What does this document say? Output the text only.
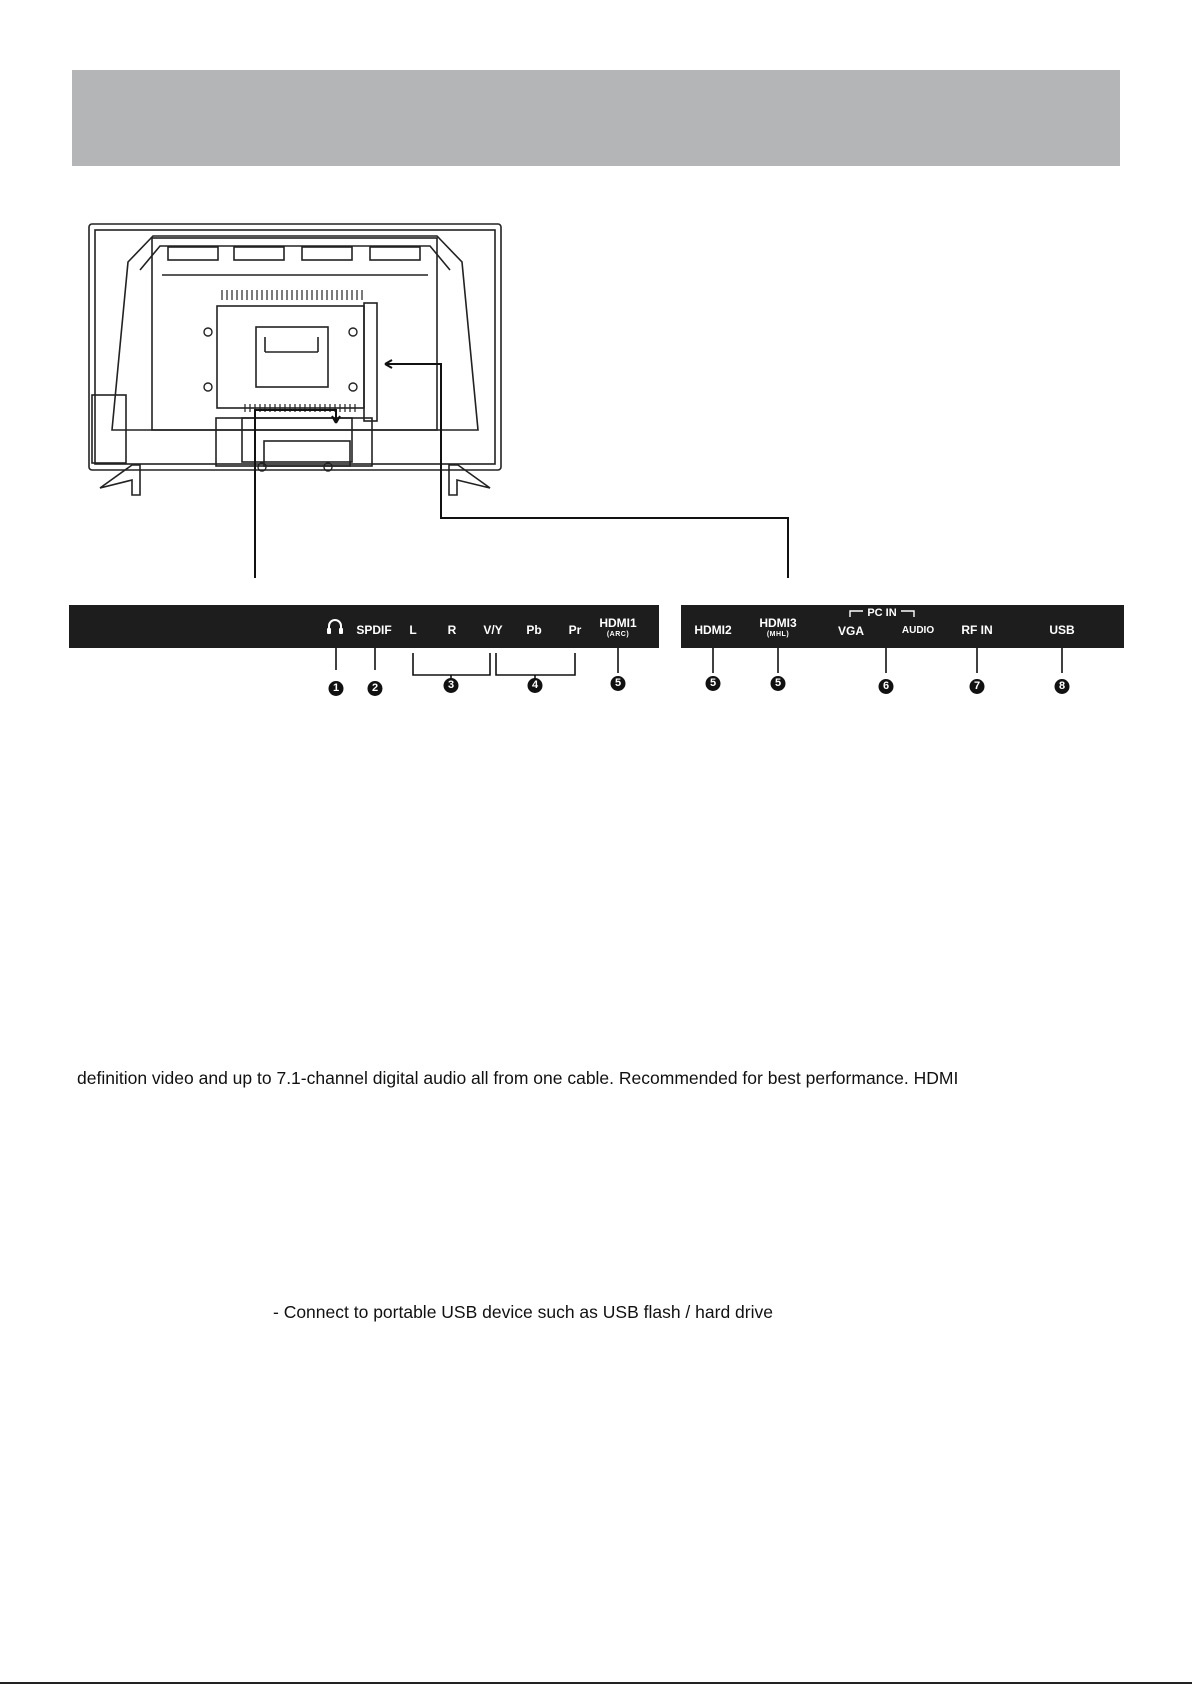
SPDIF L	R V/Y Pb Pr HDMI1
(ARC)	HDMI2 HDMI3
(MHL)
PC IN
VGA	AUDIO RF IN	USB
1	2	3	4	5	5	5	6	7	8
definition video and up to 7.1-channel digital audio all from one cable. Recommended for best performance. HDMI
- Connect to portable USB device such as USB flash / hard drive
